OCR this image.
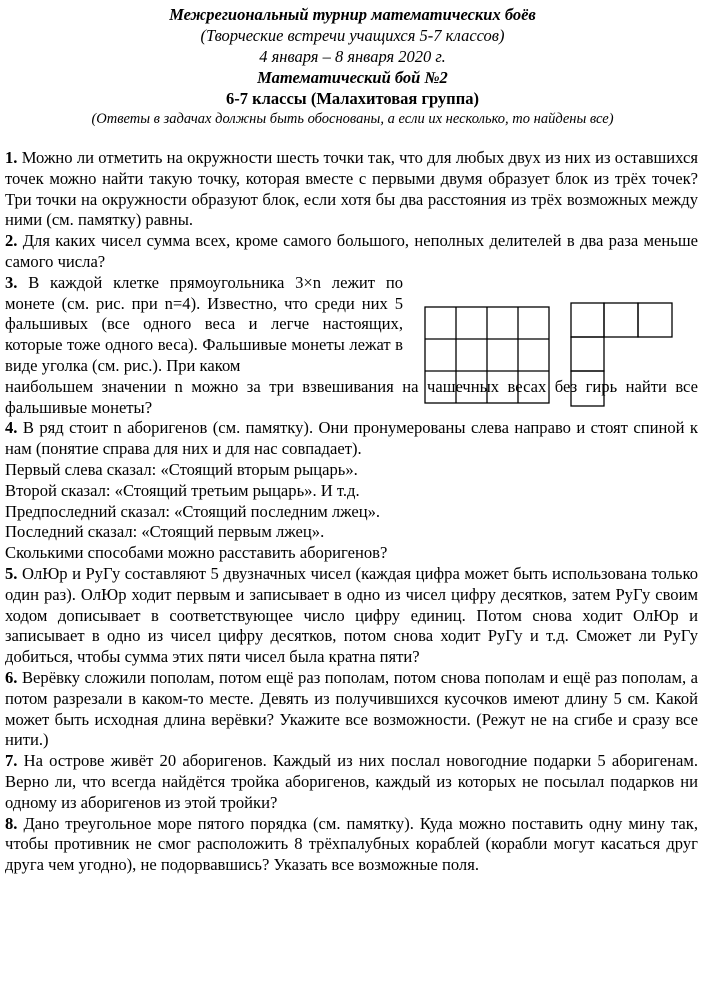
Межрегиональный турнир математических боёв
(Творческие встречи учащихся 5-7 классов)
4 января – 8 января 2020 г.
Математический бой №2
6-7 классы (Малахитовая группа)
(Ответы в задачах должны быть обоснованы, а если их несколько, то найдены все)

1. Можно ли отметить на окружности шесть точки так, что для любых двух из них из оставшихся точек можно найти такую точку, которая вместе с первыми двумя образует блок из трёх точек? Три точки на окружности образуют блок, если хотя бы два расстояния из трёх возможных между ними (см. памятку) равны.

2. Для каких чисел сумма всех, кроме самого большого, неполных делителей в два раза меньше самого числа?

3. В каждой клетке прямоугольника 3×n лежит по монете (см. рис. при n=4). Известно, что среди них 5 фальшивых (все одного веса и легче настоящих, которые тоже одного веса). Фальшивые монеты лежат в виде уголка (см. рис.). При каком

наибольшем значении n можно за три взвешивания на чашечных весах без гирь найти все фальшивые монеты?

4. В ряд стоит n аборигенов (см. памятку). Они пронумерованы слева направо и стоят спиной к нам (понятие справа для них и для нас совпадает).
Первый слева сказал: «Стоящий вторым рыцарь».
Второй сказал: «Стоящий третьим рыцарь». И т.д.
Предпоследний сказал: «Стоящий последним лжец».
Последний сказал: «Стоящий первым лжец».
Сколькими способами можно расставить аборигенов?

5. ОлЮр и РуГу составляют 5 двузначных чисел (каждая цифра может быть использована только один раз). ОлЮр ходит первым и записывает в одно из чисел цифру десятков, затем РуГу своим ходом дописывает в соответствующее число цифру единиц. Потом снова ходит ОлЮр и записывает в одно из чисел цифру десятков, потом снова ходит РуГу и т.д. Сможет ли РуГу добиться, чтобы сумма этих пяти чисел была кратна пяти?

6. Верёвку сложили пополам, потом ещё раз пополам, потом снова пополам и ещё раз пополам, а потом разрезали в каком-то месте. Девять из получившихся кусочков имеют длину 5 см. Какой может быть исходная длина верёвки? Укажите все возможности. (Режут не на сгибе и сразу все нити.)

7. На острове живёт 20 аборигенов. Каждый из них послал новогодние подарки 5 аборигенам. Верно ли, что всегда найдётся тройка аборигенов, каждый из которых не посылал подарков ни одному из аборигенов из этой тройки?

8. Дано треугольное море пятого порядка (см. памятку). Куда можно поставить одну мину так, чтобы противник не смог расположить 8 трёхпалубных кораблей (корабли могут касаться друг друга чем угодно), не подорвавшись? Указать все возможные поля.
